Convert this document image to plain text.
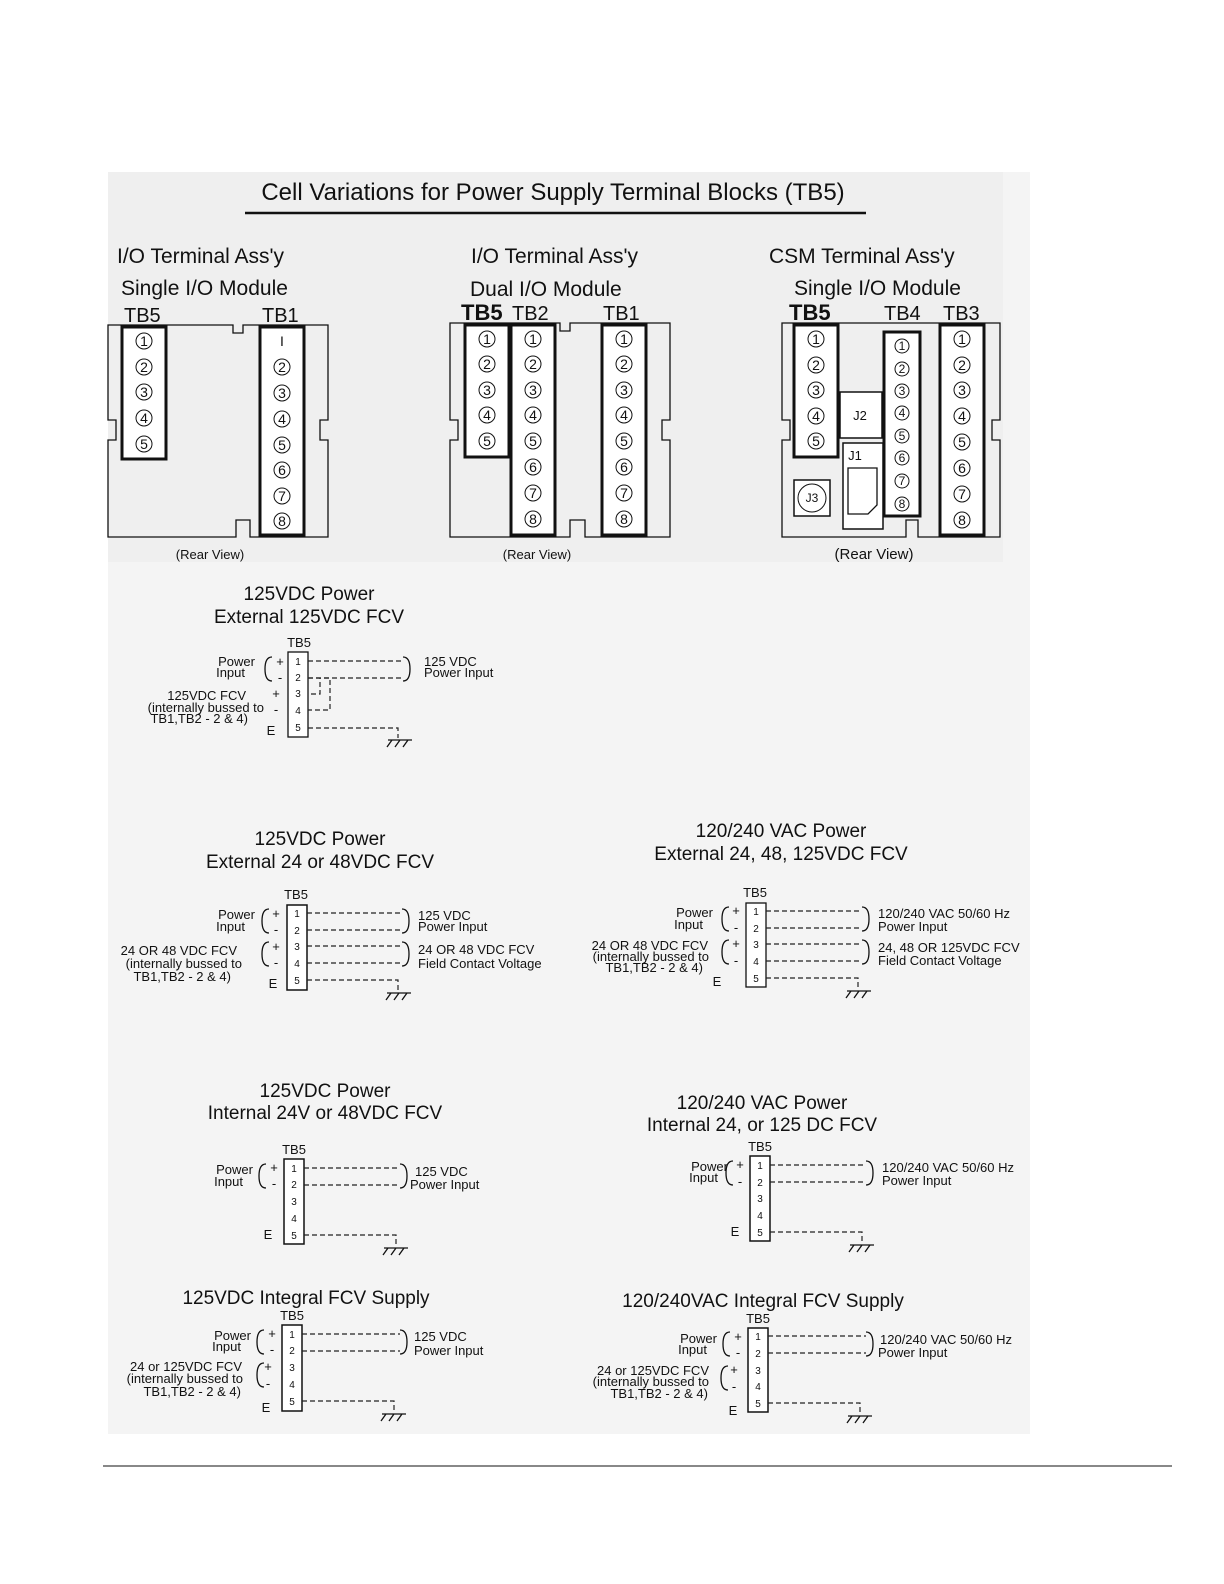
Cell Variations for Power Supply Terminal Blocks (TB5)
I/O Terminal Ass'y
Single I/O Module
I/O Terminal Ass'y
Dual I/O Module
CSM Terminal Ass'y
Single I/O Module
TB5	TB1	TB5 TB2	TB1	TB5	TB4 TB3
1
2
3
4
5
I
2
3
4
5
6
7
8
1
2
3
4
5
1
2
3
4
5
6
7
8
1
2
3
4
5
6
7
8
1
2
3
4
5
1
2
3
4
5
6
7
8
1
2
3
4
5
6
7
8
J2
J1
J3
(Rear View)	(Rear View)	(Rear View)
125VDC Power
External 125VDC FCV
TB5
Power
Input
+
-
+
-
125VDC FCV
(internally bussed to
TB1,TB2 - 2 & 4)
E
1
2
3
4
5
125 VDC
Power Input
125VDC Power
External 24 or 48VDC FCV
TB5
Power
Input
+
-
+
-
24 OR 48 VDC FCV
(internally bussed to
TB1,TB2 - 2 & 4)	E
1
2
3
4
5
125 VDC
Power Input
24 OR 48 VDC FCV
Field Contact Voltage
120/240 VAC Power
External 24, 48, 125VDC FCV
TB5
Power
Input
+
-
+
-
24 OR 48 VDC FCV
(internally bussed to
TB1,TB2 - 2 & 4)
E
1
2
3
4
5
120/240 VAC 50/60 Hz
Power Input
24, 48 OR 125VDC FCV
Field Contact Voltage
125VDC Power
Internal 24V or 48VDC FCV
TB5
Power
Input
+
-
E
1
2
3
4
5
125 VDC
Power Input
120/240 VAC Power
Internal 24, or 125 DC FCV
TB5
Power
Input
+
-
E
1
2
3
4
5
120/240 VAC 50/60 Hz
Power Input
125VDC Integral FCV Supply
TB5
Power
Input
+
-
+
-
24 or 125VDC FCV
(internally bussed to
TB1,TB2 - 2 & 4)
E
1
2
3
4
5
125 VDC
Power Input
120/240VAC Integral FCV Supply
TB5
Power
Input
+
-
+
-
24 or 125VDC FCV
(internally bussed to
TB1,TB2 - 2 & 4)
E
1
2
3
4
5
120/240 VAC 50/60 Hz
Power Input
